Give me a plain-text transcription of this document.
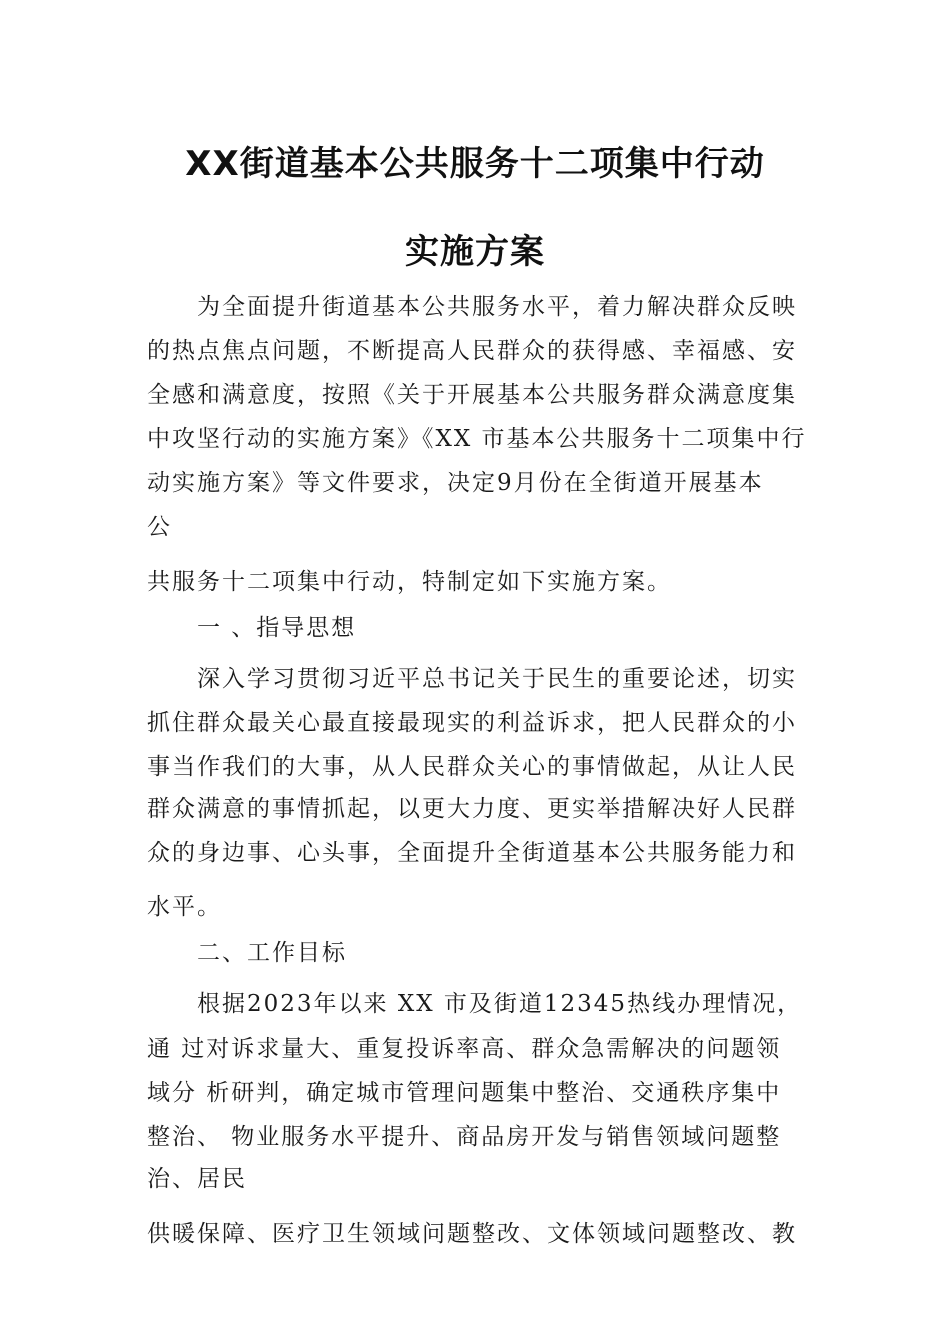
XX街道基本公共服务十二项集中行动
实施方案
为全面提升街道基本公共服务水平，着力解决群众反映
的热点焦点问题，不断提高人民群众的获得感、幸福感、安
全感和满意度，按照《关于开展基本公共服务群众满意度集
中攻坚行动的实施方案》《XX 市基本公共服务十二项集中行
动实施方案》等文件要求，决定9月份在全街道开展基本
公
共服务十二项集中行动，特制定如下实施方案。
一 、指导思想
深入学习贯彻习近平总书记关于民生的重要论述，切实
抓住群众最关心最直接最现实的利益诉求，把人民群众的小
事当作我们的大事，从人民群众关心的事情做起，从让人民
群众满意的事情抓起，以更大力度、更实举措解决好人民群
众的身边事、心头事，全面提升全街道基本公共服务能力和
水平。
二、工作目标
根据2023年以来 XX 市及街道12345热线办理情况，
通 过对诉求量大、重复投诉率高、群众急需解决的问题领
域分 析研判，确定城市管理问题集中整治、交通秩序集中
整治、 物业服务水平提升、商品房开发与销售领域问题整
治、居民
供暖保障、医疗卫生领域问题整改、文体领域问题整改、教
